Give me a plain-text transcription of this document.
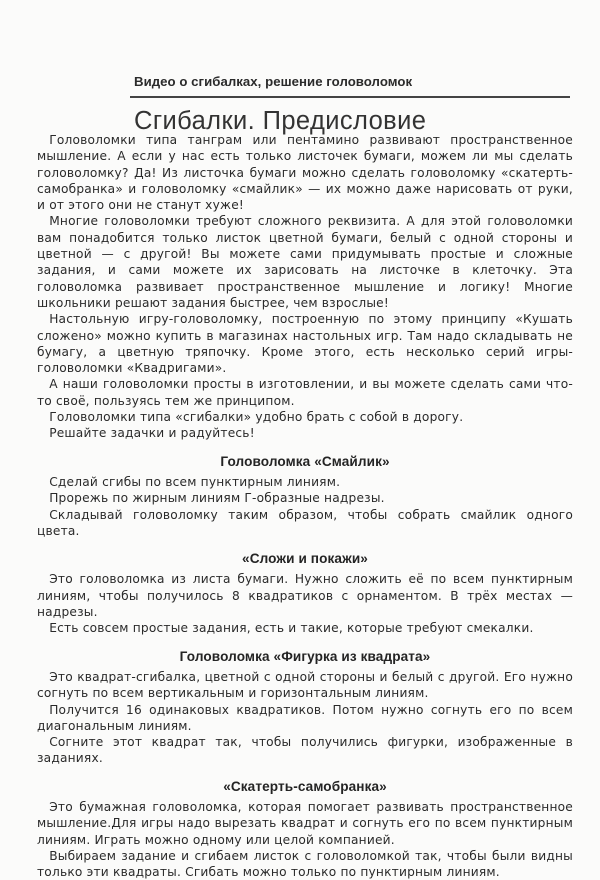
Видео о сгибалках, решение головоломок
Сгибалки. Предисловие

Головоломки типа танграм или пентамино развивают пространственное мышление. А если у нас есть только листочек бумаги, можем ли мы сделать головоломку? Да! Из листочка бумаги можно сделать головоломку «скатерть-самобранка» и головоломку «смайлик» — их можно даже нарисовать от руки, и от этого они не станут хуже!

Многие головоломки требуют сложного реквизита. А для этой головоломки вам понадобится только листок цветной бумаги, белый с одной стороны и цветной — с другой! Вы можете сами придумывать простые и сложные задания, и сами можете их зарисовать на листочке в клеточку. Эта головоломка развивает пространственное мышление и логику! Многие школьники решают задания быстрее, чем взрослые!

Настольную игру-головоломку, построенную по этому принципу «Кушать сложено» можно купить в магазинах настольных игр. Там надо складывать не бумагу, а цветную тряпочку. Кроме этого, есть несколько серий игры-головоломки «Квадригами».

А наши головоломки просты в изготовлении, и вы можете сделать сами что-то своё, пользуясь тем же принципом.

Головоломки типа «сгибалки» удобно брать с собой в дорогу.

Решайте задачки и радуйтесь!

Головоломка «Смайлик»

Сделай сгибы по всем пунктирным линиям.

Прорежь по жирным линиям Г-образные надрезы.

Складывай головоломку таким образом, чтобы собрать смайлик одного цвета.

«Сложи и покажи»

Это головоломка из листа бумаги. Нужно сложить её по всем пунктирным линиям, чтобы получилось 8 квадратиков с орнаментом. В трёх местах — надрезы.

Есть совсем простые задания, есть и такие, которые требуют смекалки.

Головоломка «Фигурка из квадрата»

Это квадрат-сгибалка, цветной с одной стороны и белый с другой. Его нужно согнуть по всем вертикальным и горизонтальным линиям.

Получится 16 одинаковых квадратиков. Потом нужно согнуть его по всем диагональным линиям.

Согните этот квадрат так, чтобы получились фигурки, изображенные в заданиях.

«Скатерть-самобранка»

Это бумажная головоломка, которая помогает развивать пространственное мышление.Для игры надо вырезать квадрат и согнуть его по всем пунктирным линиям. Играть можно одному или целой компанией.

Выбираем задание и сгибаем листок с головоломкой так, чтобы были видны только эти квадраты. Сгибать можно только по пунктирным линиям.
